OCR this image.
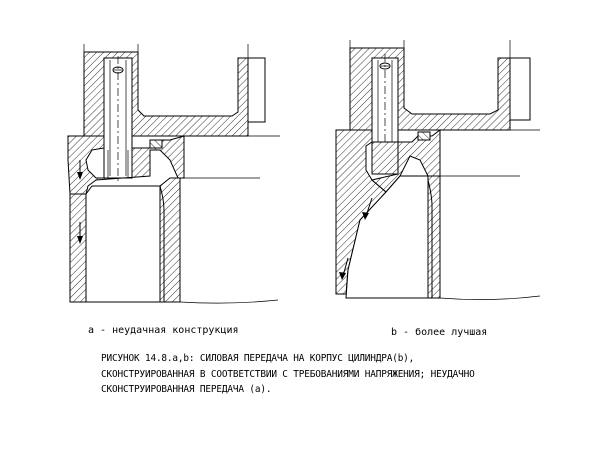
а - неудачная конструкция	b - более лучшая
РИСУНОК 14.8.a,b: СИЛОВАЯ ПЕРЕДАЧА НА КОРПУС ЦИЛИНДРА(b),
СКОНСТРУИРОВАННАЯ В СООТВЕТСТВИИ С ТРЕБОВАНИЯМИ НАПРЯЖЕНИЯ; НЕУДАЧНО
СКОНСТРУИРОВАННАЯ ПЕРЕДАЧА (а).
